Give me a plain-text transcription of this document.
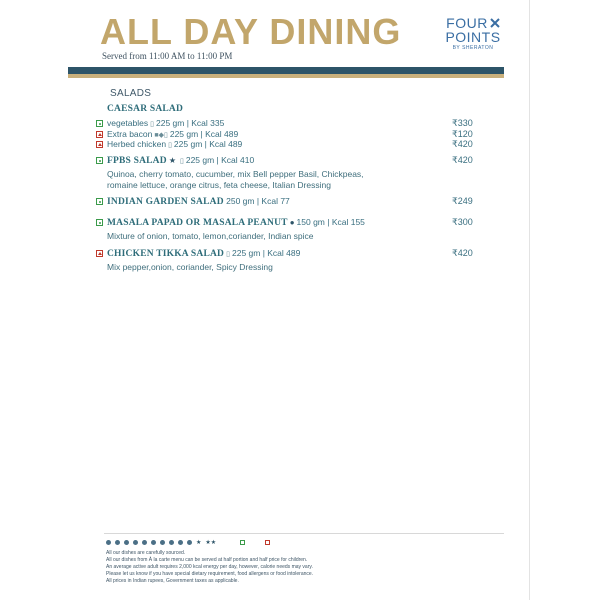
ALL DAY DINING
Served from 11:00 AM to 11:00 PM
FOUR
POINTS
BY SHERATON
SALADS
CAESAR SALAD
vegetables ▯ 225 gm | Kcal 335	₹330
Extra bacon ■◆▯ 225 gm | Kcal 489	₹120
Herbed chicken ▯ 225 gm | Kcal 489	₹420
FPBS SALAD ★ ▯ 225 gm | Kcal 410	₹420
Quinoa, cherry tomato, cucumber, mix Bell pepper Basil, Chickpeas,
romaine lettuce, orange citrus, feta cheese, Italian Dressing
INDIAN GARDEN SALAD 250 gm | Kcal 77	₹249
MASALA PAPAD OR MASALA PEANUT ● 150 gm | Kcal 155	₹300
Mixture of onion, tomato, lemon,coriander, Indian spice
CHICKEN TIKKA SALAD ▯ 225 gm | Kcal 489	₹420
Mix pepper,onion, coriander, Spicy Dressing
★ ★★
All our dishes are carefully sourced.
All our dishes from À la carte menu can be served at half portion and half price for children.
An average active adult requires 2,000 kcal energy per day, however, calorie needs may vary.
Please let us know if you have special dietary requirement, food allergens or food intolerance.
All prices in Indian rupees, Government taxes as applicable.
